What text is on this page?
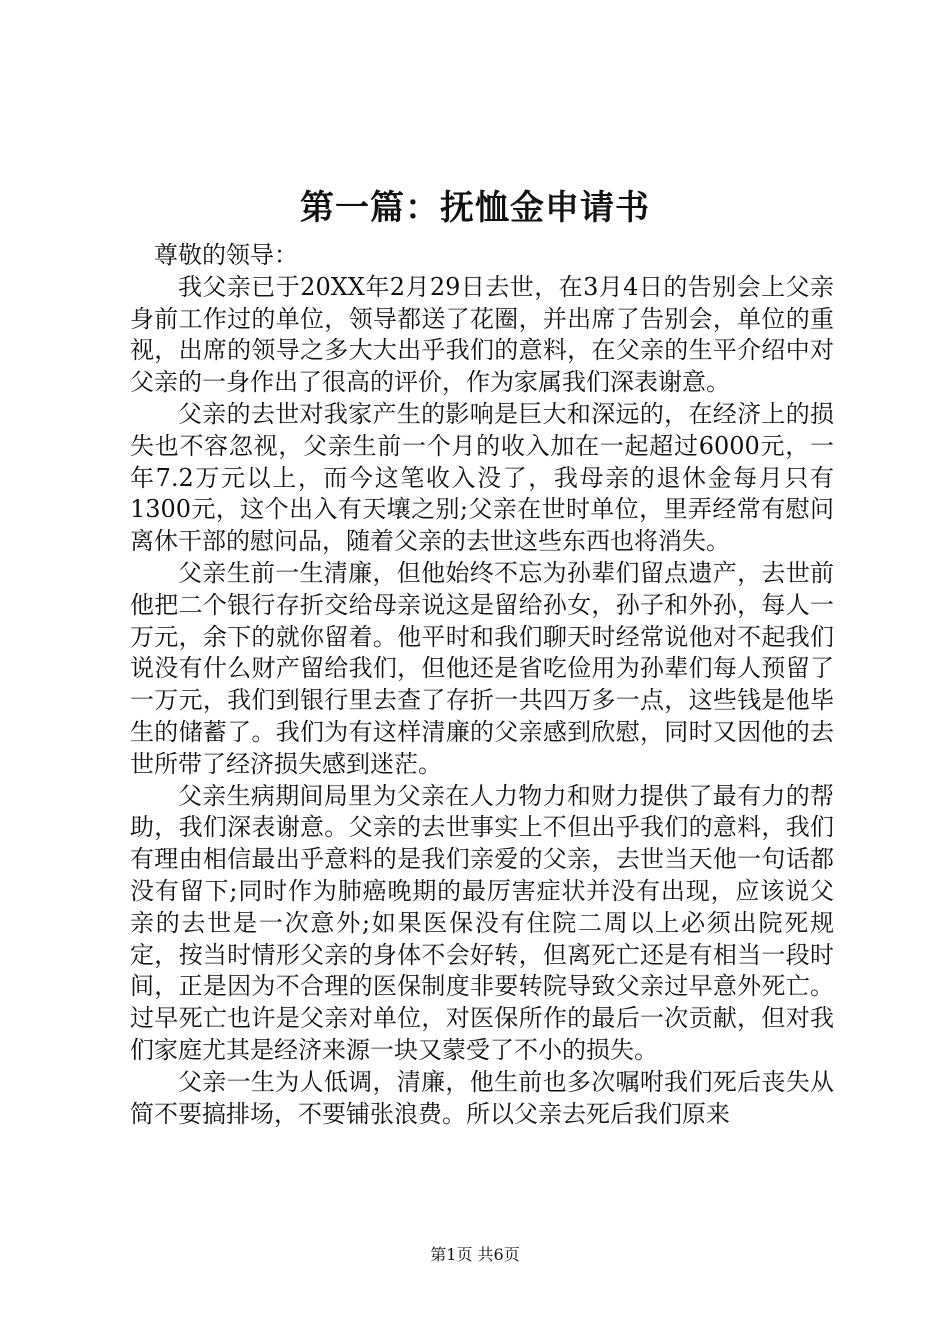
第一篇：抚恤金申请书

尊敬的领导：

我父亲已于20XX年2月29日去世，在3月4日的告别会上父亲身前工作过的单位，领导都送了花圈，并出席了告别会，单位的重视，出席的领导之多大大出乎我们的意料，在父亲的生平介绍中对父亲的一身作出了很高的评价，作为家属我们深表谢意。

父亲的去世对我家产生的影响是巨大和深远的，在经济上的损失也不容忽视，父亲生前一个月的收入加在一起超过6000元，一年7.2万元以上，而今这笔收入没了，我母亲的退休金每月只有1300元，这个出入有天壤之别;父亲在世时单位，里弄经常有慰问离休干部的慰问品，随着父亲的去世这些东西也将消失。

父亲生前一生清廉，但他始终不忘为孙辈们留点遗产，去世前他把二个银行存折交给母亲说这是留给孙女，孙子和外孙，每人一万元，余下的就你留着。他平时和我们聊天时经常说他对不起我们说没有什么财产留给我们，但他还是省吃俭用为孙辈们每人预留了一万元，我们到银行里去查了存折一共四万多一点，这些钱是他毕生的储蓄了。我们为有这样清廉的父亲感到欣慰，同时又因他的去世所带了经济损失感到迷茫。

父亲生病期间局里为父亲在人力物力和财力提供了最有力的帮助，我们深表谢意。父亲的去世事实上不但出乎我们的意料，我们有理由相信最出乎意料的是我们亲爱的父亲，去世当天他一句话都没有留下;同时作为肺癌晚期的最厉害症状并没有出现，应该说父亲的去世是一次意外;如果医保没有住院二周以上必须出院死规定，按当时情形父亲的身体不会好转，但离死亡还是有相当一段时间，正是因为不合理的医保制度非要转院导致父亲过早意外死亡。过早死亡也许是父亲对单位，对医保所作的最后一次贡献，但对我们家庭尤其是经济来源一块又蒙受了不小的损失。

父亲一生为人低调，清廉，他生前也多次嘱咐我们死后丧失从简不要搞排场，不要铺张浪费。所以父亲去死后我们原来

第1页 共6页
